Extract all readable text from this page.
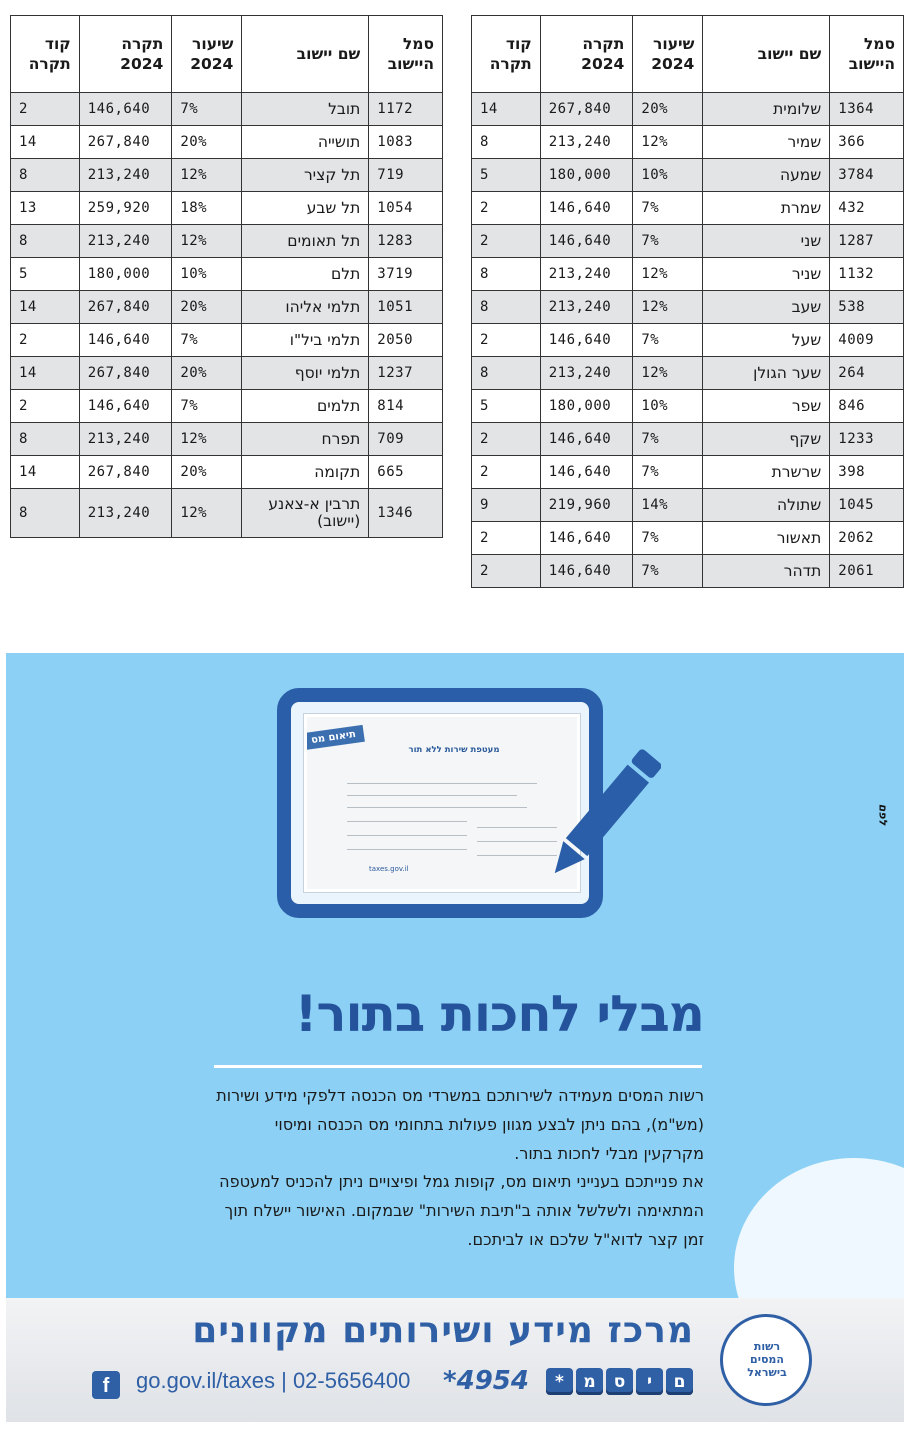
סמל היישוב	שם יישוב	שיעור 2024	תקרה 2024	קוד תקרה
1364	שלומית	20%	267,840	14
366	שמיר	12%	213,240	8
3784	שמעה	10%	180,000	5
432	שמרת	7%	146,640	2
1287	שני	7%	146,640	2
1132	שניר	12%	213,240	8
538	שעב	12%	213,240	8
4009	שעל	7%	146,640	2
264	שער הגולן	12%	213,240	8
846	שפר	10%	180,000	5
1233	שקף	7%	146,640	2
398	שרשרת	7%	146,640	2
1045	שתולה	14%	219,960	9
2062	תאשור	7%	146,640	2
2061	תדהר	7%	146,640	2
סמל היישוב	שם יישוב	שיעור 2024	תקרה 2024	קוד תקרה
1172	תובל	7%	146,640	2
1083	תושייה	20%	267,840	14
719	תל קציר	12%	213,240	8
1054	תל שבע	18%	259,920	13
1283	תל תאומים	12%	213,240	8
3719	תלם	10%	180,000	5
1051	תלמי אליהו	20%	267,840	14
2050	תלמי ביל"ו	7%	146,640	2
1237	תלמי יוסף	20%	267,840	14
814	תלמים	7%	146,640	2
709	תפרח	12%	213,240	8
665	תקומה	20%	267,840	14
1346	תרבין א-צאנע (יישוב)	12%	213,240	8
תיאום מס
מעטפת שירות ללא תור
taxes.gov.il
מבלי לחכות בתור!
רשות המסים מעמידה לשירותכם במשרדי מס הכנסה דלפקי מידע ושירות (מש"מ), בהם ניתן לבצע מגוון פעולות בתחומי מס הכנסה ומיסוי מקרקעין מבלי לחכות בתור.
את פנייתכם בענייני תיאום מס, קופות גמל ופיצויים ניתן להכניס למעטפה המתאימה ולשלשל אותה ב"תיבת השירות" שבמקום. האישור יישלח תוך זמן קצר לדוא"ל שלכם או לביתכם.
לפם
רשות המסים בישראל
מרכז מידע ושירותים מקוונים
*	מ	ס	י	ם
*4954
go.gov.il/taxes | 02-5656400
f
